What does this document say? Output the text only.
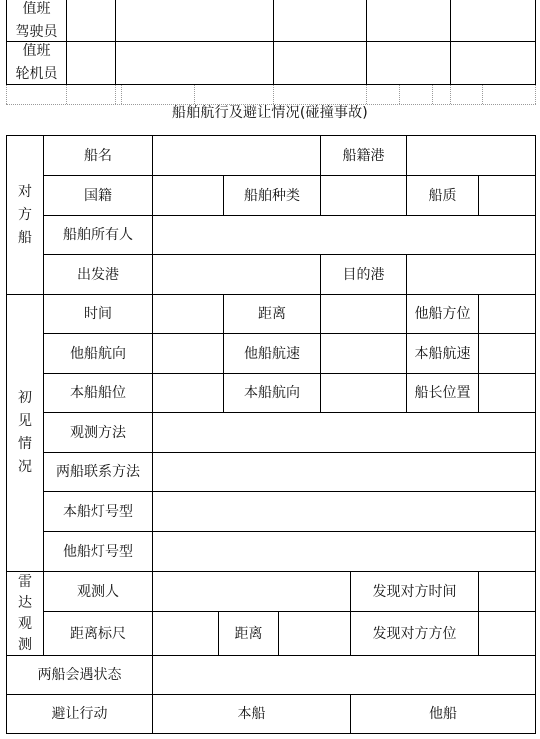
值班
驾驶员
值班
轮机员
船舶航行及避让情况(碰撞事故)
对
方
船
船名	船籍港
国籍	船舶种类	船质
船舶所有人
出发港	目的港
初
见
情
况
时间	距离	他船方位
他船航向	他船航速	本船航速
本船船位	本船航向	船长位置
观测方法
两船联系方法
本船灯号型
他船灯号型
雷
达
观
测
观测人	发现对方时间
距离标尺	距离	发现对方方位
两船会遇状态
避让行动	本船	他船
